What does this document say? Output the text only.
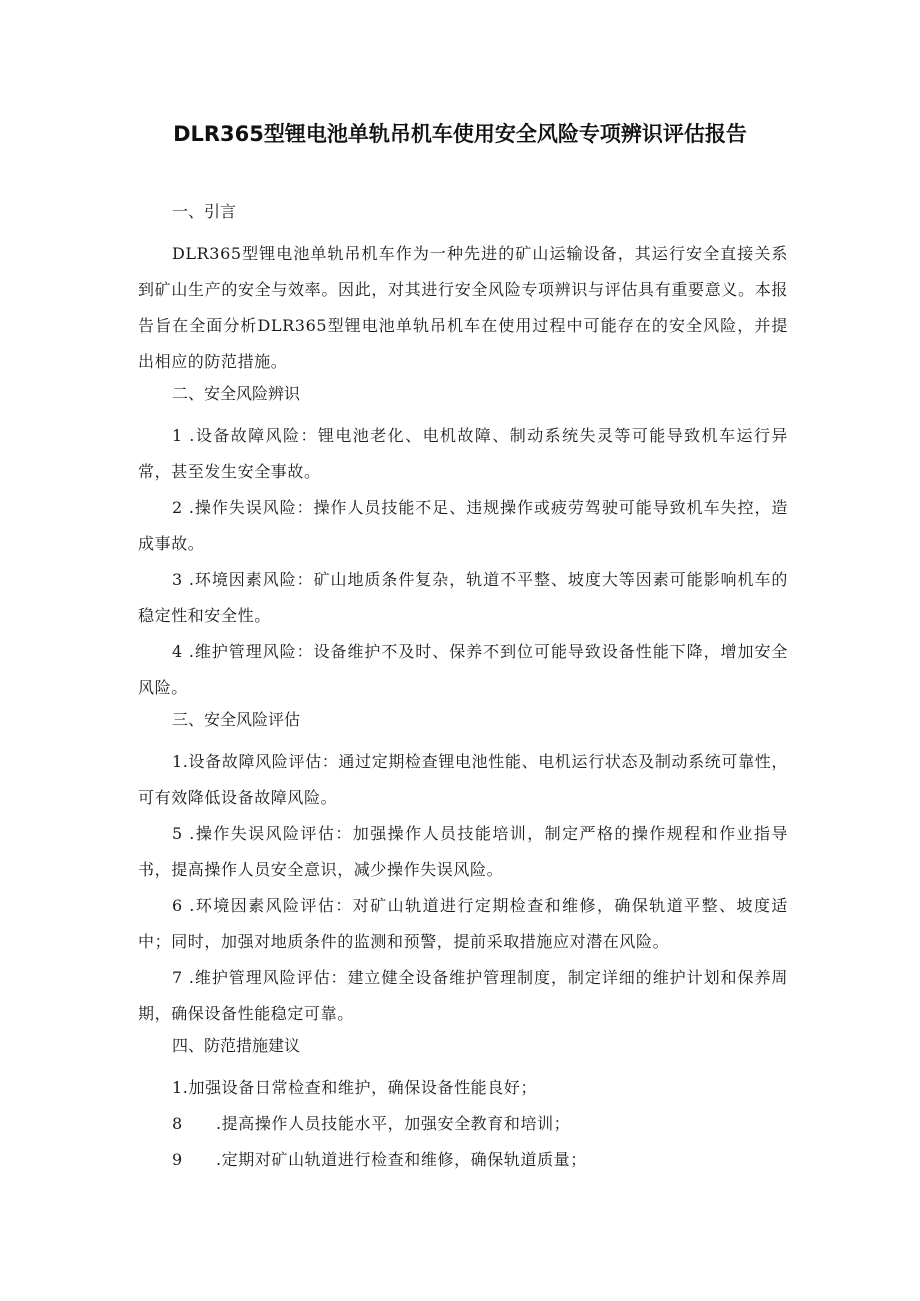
DLR365型锂电池单轨吊机车使用安全风险专项辨识评估报告
一、引言

DLR365型锂电池单轨吊机车作为一种先进的矿山运输设备，其运行安全直接关系到矿山生产的安全与效率。因此，对其进行安全风险专项辨识与评估具有重要意义。本报告旨在全面分析DLR365型锂电池单轨吊机车在使用过程中可能存在的安全风险，并提出相应的防范措施。

二、安全风险辨识

1 .设备故障风险：锂电池老化、电机故障、制动系统失灵等可能导致机车运行异常，甚至发生安全事故。

2 .操作失误风险：操作人员技能不足、违规操作或疲劳驾驶可能导致机车失控，造成事故。

3 .环境因素风险：矿山地质条件复杂，轨道不平整、坡度大等因素可能影响机车的稳定性和安全性。

4 .维护管理风险：设备维护不及时、保养不到位可能导致设备性能下降，增加安全风险。

三、安全风险评估

1.设备故障风险评估：通过定期检查锂电池性能、电机运行状态及制动系统可靠性，可有效降低设备故障风险。

5 .操作失误风险评估：加强操作人员技能培训，制定严格的操作规程和作业指导书，提高操作人员安全意识，减少操作失误风险。

6 .环境因素风险评估：对矿山轨道进行定期检查和维修，确保轨道平整、坡度适中；同时，加强对地质条件的监测和预警，提前采取措施应对潜在风险。

7 .维护管理风险评估：建立健全设备维护管理制度，制定详细的维护计划和保养周期，确保设备性能稳定可靠。

四、防范措施建议

1.加强设备日常检查和维护，确保设备性能良好；

8　　.提高操作人员技能水平，加强安全教育和培训；

9　　.定期对矿山轨道进行检查和维修，确保轨道质量；
